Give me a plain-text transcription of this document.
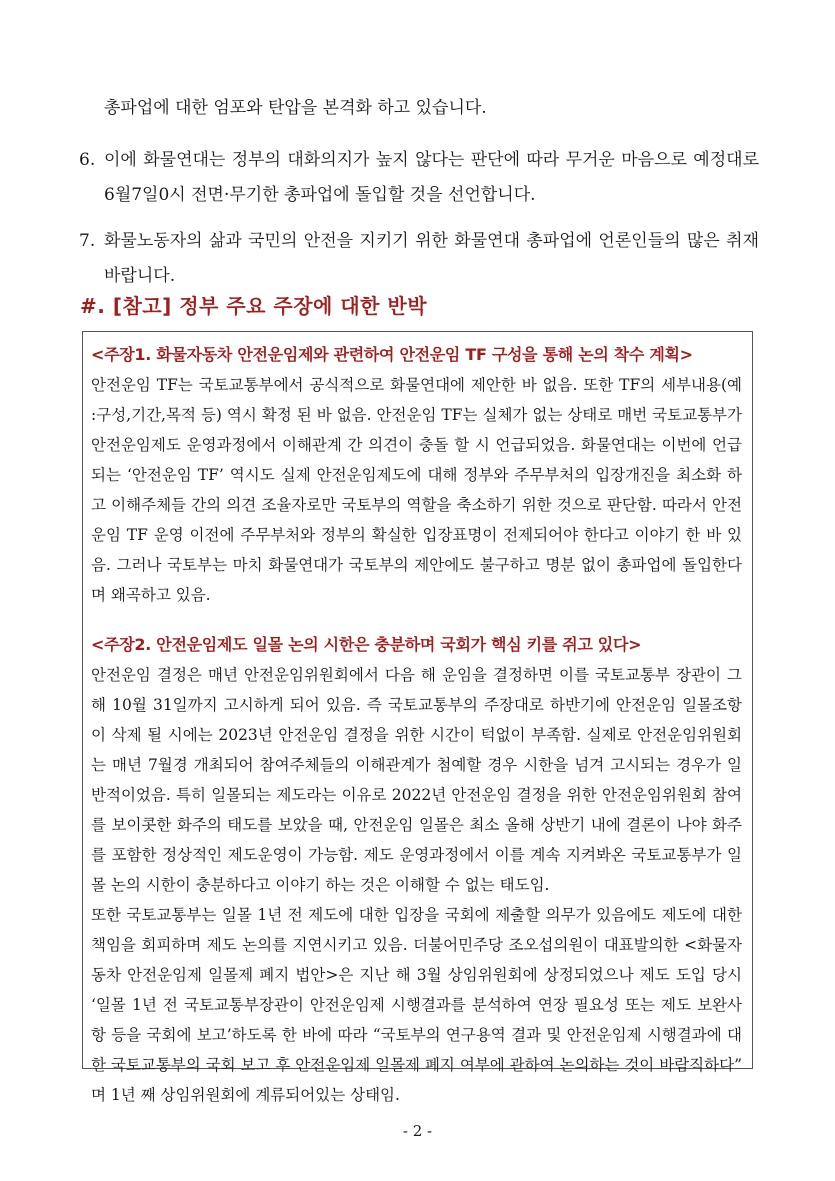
총파업에 대한 엄포와 탄압을 본격화 하고 있습니다.

6. 이에 화물연대는 정부의 대화의지가 높지 않다는 판단에 따라 무거운 마음으로 예정대로 6월7일0시 전면·무기한 총파업에 돌입할 것을 선언합니다.
7. 화물노동자의 삶과 국민의 안전을 지키기 위한 화물연대 총파업에 언론인들의 많은 취재 바랍니다.
#. [참고] 정부 주요 주장에 대한 반박

<주장1. 화물자동차 안전운임제와 관련하여 안전운임 TF 구성을 통해 논의 착수 계획>

안전운임 TF는 국토교통부에서 공식적으로 화물연대에 제안한 바 없음. 또한 TF의 세부내용(예 :구성,기간,목적 등) 역시 확정 된 바 없음. 안전운임 TF는 실체가 없는 상태로 매번 국토교통부가 안전운임제도 운영과정에서 이해관계 간 의견이 충돌 할 시 언급되었음. 화물연대는 이번에 언급되는 ‘안전운임 TF’ 역시도 실제 안전운임제도에 대해 정부와 주무부처의 입장개진을 최소화 하고 이해주체들 간의 의견 조율자로만 국토부의 역할을 축소하기 위한 것으로 판단함. 따라서 안전운임 TF 운영 이전에 주무부처와 정부의 확실한 입장표명이 전제되어야 한다고 이야기 한 바 있음. 그러나 국토부는 마치 화물연대가 국토부의 제안에도 불구하고 명분 없이 총파업에 돌입한다며 왜곡하고 있음.

<주장2. 안전운임제도 일몰 논의 시한은 충분하며 국회가 핵심 키를 쥐고 있다>

안전운임 결정은 매년 안전운임위원회에서 다음 해 운임을 결정하면 이를 국토교통부 장관이 그 해 10월 31일까지 고시하게 되어 있음. 즉 국토교통부의 주장대로 하반기에 안전운임 일몰조항이 삭제 될 시에는 2023년 안전운임 결정을 위한 시간이 턱없이 부족함. 실제로 안전운임위원회는 매년 7월경 개최되어 참여주체들의 이해관계가 첨예할 경우 시한을 넘겨 고시되는 경우가 일반적이었음. 특히 일몰되는 제도라는 이유로 2022년 안전운임 결정을 위한 안전운임위원회 참여를 보이콧한 화주의 태도를 보았을 때, 안전운임 일몰은 최소 올해 상반기 내에 결론이 나야 화주를 포함한 정상적인 제도운영이 가능함. 제도 운영과정에서 이를 계속 지켜봐온 국토교통부가 일몰 논의 시한이 충분하다고 이야기 하는 것은 이해할 수 없는 태도임.

또한 국토교통부는 일몰 1년 전 제도에 대한 입장을 국회에 제출할 의무가 있음에도 제도에 대한 책임을 회피하며 제도 논의를 지연시키고 있음. 더불어민주당 조오섭의원이 대표발의한 <화물자동차 안전운임제 일몰제 폐지 법안>은 지난 해 3월 상임위원회에 상정되었으나 제도 도입 당시 ‘일몰 1년 전 국토교통부장관이 안전운임제 시행결과를 분석하여 연장 필요성 또는 제도 보완사항 등을 국회에 보고’하도록 한 바에 따라 “국토부의 연구용역 결과 및 안전운임제 시행결과에 대한 국토교통부의 국회 보고 후 안전운임제 일몰제 폐지 여부에 관하여 논의하는 것이 바람직하다” 며 1년 째 상임위원회에 계류되어있는 상태임.

- 2 -
